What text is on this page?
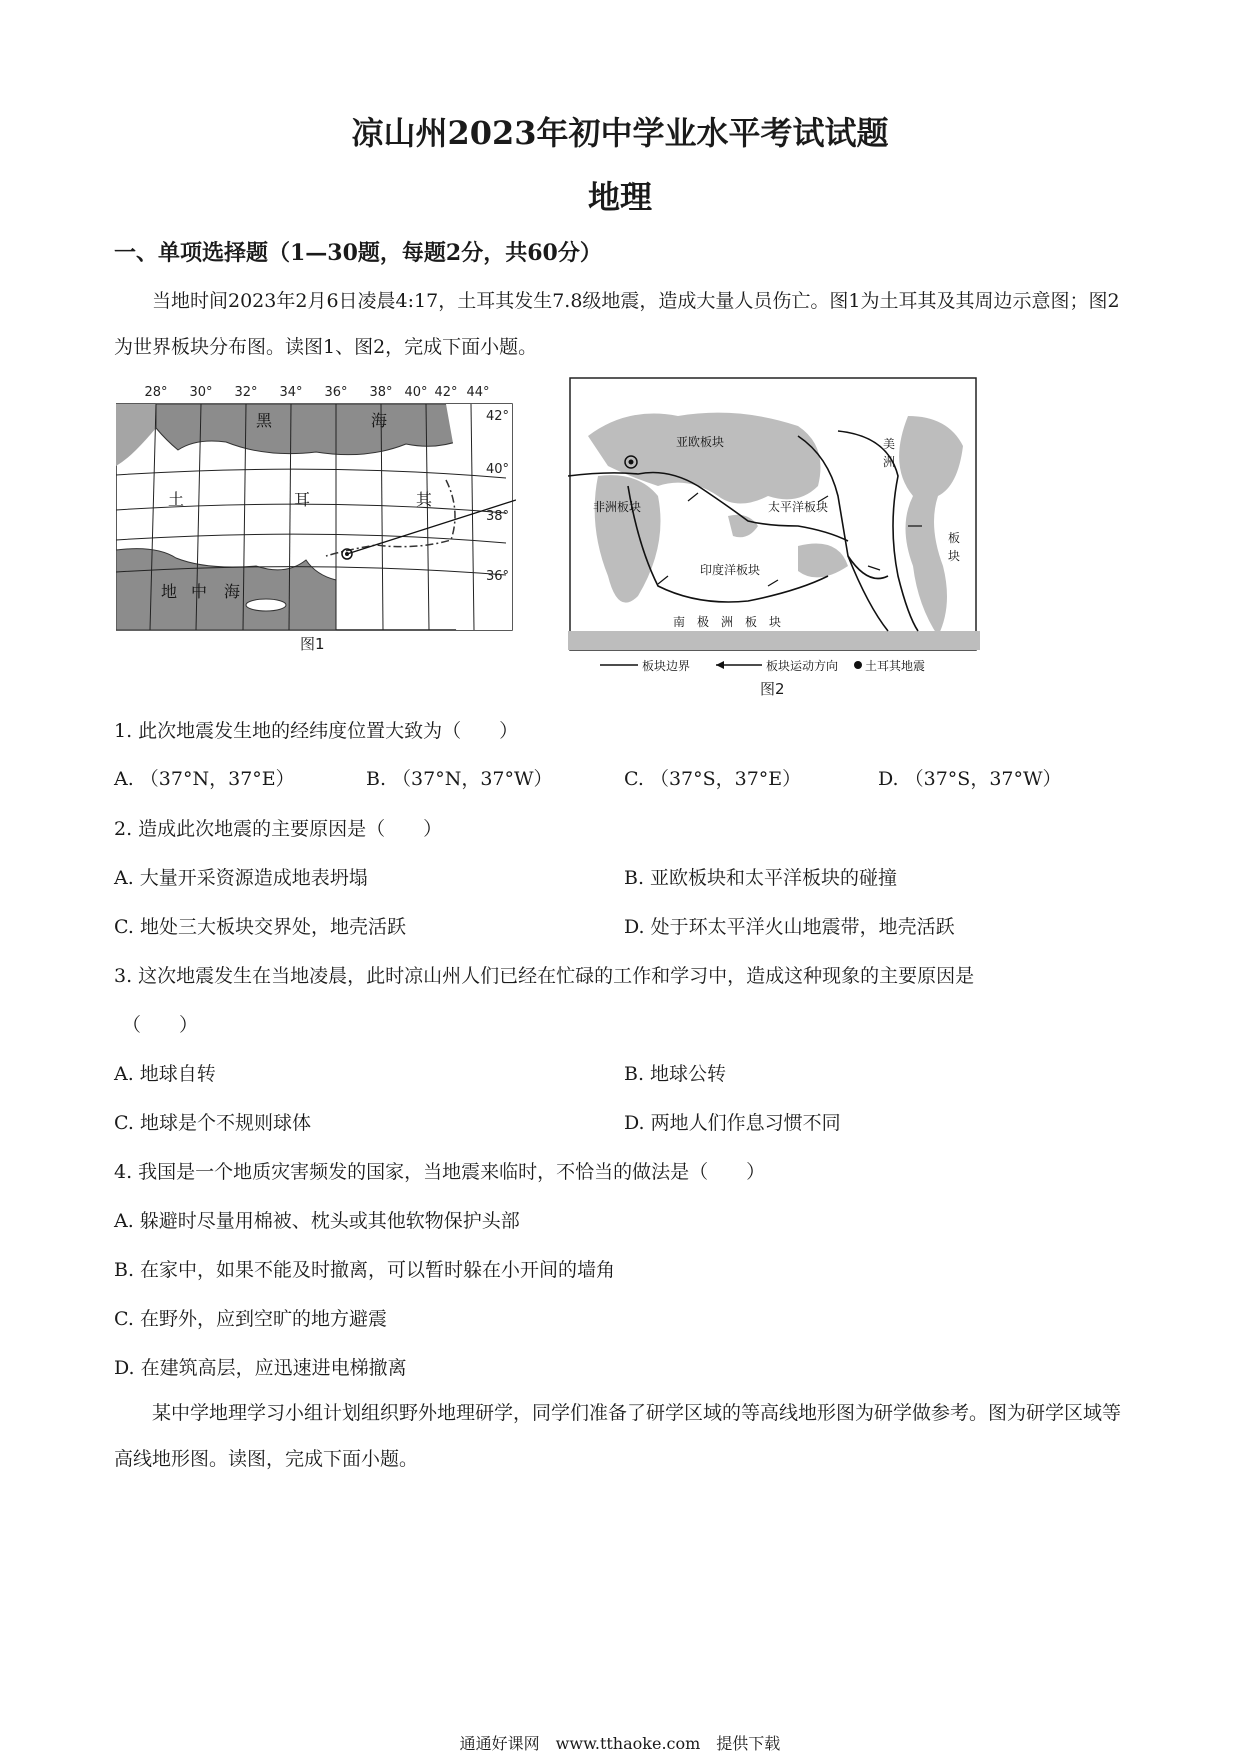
凉山州2023年初中学业水平考试试题
地理
一、单项选择题（1—30题，每题2分，共60分）
当地时间2023年2月6日凌晨4:17，土耳其发生7.8级地震，造成大量人员伤亡。图1为土耳其及其周边示意图；图2为世界板块分布图。读图1、图2，完成下面小题。
28° 30° 32° 34° 36° 38° 40° 42° 44°
42°
40°
38°
36°
黑	海
土	耳	其
地 中 海
图1
亚欧板块
非洲板块	太平洋板块
印度洋板块
美
洲
板
块
南　极　洲　板　块
板块边界	板块运动方向 土耳其地震
图2
1. 此次地震发生地的经纬度位置大致为（　　）
A. （37°N，37°E）	B. （37°N，37°W）	C. （37°S，37°E）	D. （37°S，37°W）
2. 造成此次地震的主要原因是（　　）
A. 大量开采资源造成地表坍塌	B. 亚欧板块和太平洋板块的碰撞
C. 地处三大板块交界处，地壳活跃	D. 处于环太平洋火山地震带，地壳活跃
3. 这次地震发生在当地凌晨，此时凉山州人们已经在忙碌的工作和学习中，造成这种现象的主要原因是
（　　）
A. 地球自转	B. 地球公转
C. 地球是个不规则球体	D. 两地人们作息习惯不同
4. 我国是一个地质灾害频发的国家，当地震来临时，不恰当的做法是（　　）
A. 躲避时尽量用棉被、枕头或其他软物保护头部
B. 在家中，如果不能及时撤离，可以暂时躲在小开间的墙角
C. 在野外，应到空旷的地方避震
D. 在建筑高层，应迅速进电梯撤离
某中学地理学习小组计划组织野外地理研学，同学们准备了研学区域的等高线地形图为研学做参考。图为研学区域等高线地形图。读图，完成下面小题。
通通好课网　www.tthaoke.com　提供下载
